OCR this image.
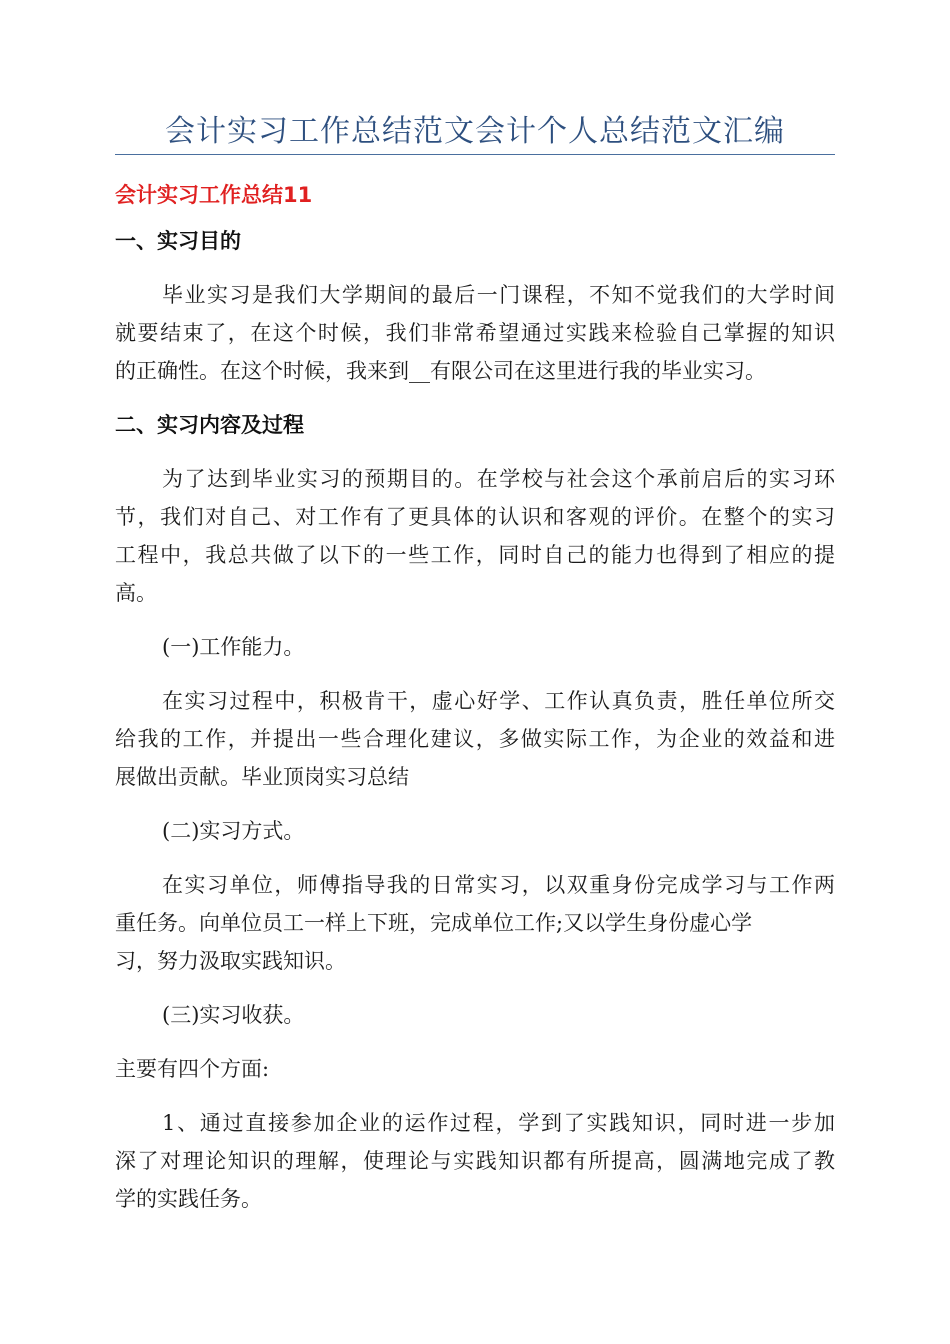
会计实习工作总结范文会计个人总结范文汇编
会计实习工作总结11
一、实习目的
毕业实习是我们大学期间的最后一门课程，不知不觉我们的大学时间
就要结束了，在这个时候，我们非常希望通过实践来检验自己掌握的知识
的正确性。在这个时候，我来到__有限公司在这里进行我的毕业实习。
二、实习内容及过程
为了达到毕业实习的预期目的。在学校与社会这个承前启后的实习环
节，我们对自己、对工作有了更具体的认识和客观的评价。在整个的实习
工程中，我总共做了以下的一些工作，同时自己的能力也得到了相应的提
高。
(一)工作能力。
在实习过程中，积极肯干，虚心好学、工作认真负责，胜任单位所交
给我的工作，并提出一些合理化建议，多做实际工作，为企业的效益和进
展做出贡献。毕业顶岗实习总结
(二)实习方式。
在实习单位，师傅指导我的日常实习，以双重身份完成学习与工作两
重任务。向单位员工一样上下班，完成单位工作;又以学生身份虚心学
习，努力汲取实践知识。
(三)实习收获。
主要有四个方面:
1、通过直接参加企业的运作过程，学到了实践知识，同时进一步加
深了对理论知识的理解，使理论与实践知识都有所提高，圆满地完成了教
学的实践任务。
